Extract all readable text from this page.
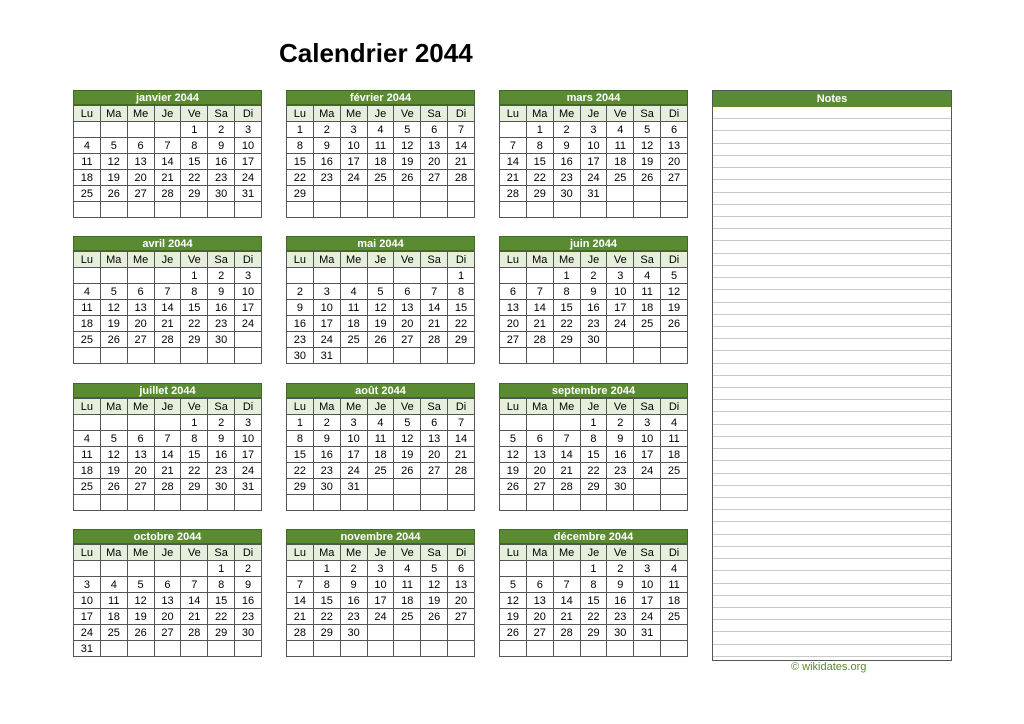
Calendrier 2044
janvier 2044
Lu	Ma	Me	Je	Ve	Sa	Di
				1	2	3
4	5	6	7	8	9	10
11	12	13	14	15	16	17
18	19	20	21	22	23	24
25	26	27	28	29	30	31

février 2044
Lu	Ma	Me	Je	Ve	Sa	Di
1	2	3	4	5	6	7
8	9	10	11	12	13	14
15	16	17	18	19	20	21
22	23	24	25	26	27	28
29						

mars 2044
Lu	Ma	Me	Je	Ve	Sa	Di
	1	2	3	4	5	6
7	8	9	10	11	12	13
14	15	16	17	18	19	20
21	22	23	24	25	26	27
28	29	30	31			

avril 2044
Lu	Ma	Me	Je	Ve	Sa	Di
				1	2	3
4	5	6	7	8	9	10
11	12	13	14	15	16	17
18	19	20	21	22	23	24
25	26	27	28	29	30	

mai 2044
Lu	Ma	Me	Je	Ve	Sa	Di
						1
2	3	4	5	6	7	8
9	10	11	12	13	14	15
16	17	18	19	20	21	22
23	24	25	26	27	28	29
30	31					
juin 2044
Lu	Ma	Me	Je	Ve	Sa	Di
		1	2	3	4	5
6	7	8	9	10	11	12
13	14	15	16	17	18	19
20	21	22	23	24	25	26
27	28	29	30			

juillet 2044
Lu	Ma	Me	Je	Ve	Sa	Di
				1	2	3
4	5	6	7	8	9	10
11	12	13	14	15	16	17
18	19	20	21	22	23	24
25	26	27	28	29	30	31

août 2044
Lu	Ma	Me	Je	Ve	Sa	Di
1	2	3	4	5	6	7
8	9	10	11	12	13	14
15	16	17	18	19	20	21
22	23	24	25	26	27	28
29	30	31				

septembre 2044
Lu	Ma	Me	Je	Ve	Sa	Di
			1	2	3	4
5	6	7	8	9	10	11
12	13	14	15	16	17	18
19	20	21	22	23	24	25
26	27	28	29	30		

octobre 2044
Lu	Ma	Me	Je	Ve	Sa	Di
					1	2
3	4	5	6	7	8	9
10	11	12	13	14	15	16
17	18	19	20	21	22	23
24	25	26	27	28	29	30
31						
novembre 2044
Lu	Ma	Me	Je	Ve	Sa	Di
	1	2	3	4	5	6
7	8	9	10	11	12	13
14	15	16	17	18	19	20
21	22	23	24	25	26	27
28	29	30				

décembre 2044
Lu	Ma	Me	Je	Ve	Sa	Di
			1	2	3	4
5	6	7	8	9	10	11
12	13	14	15	16	17	18
19	20	21	22	23	24	25
26	27	28	29	30	31	

Notes
© wikidates.org
